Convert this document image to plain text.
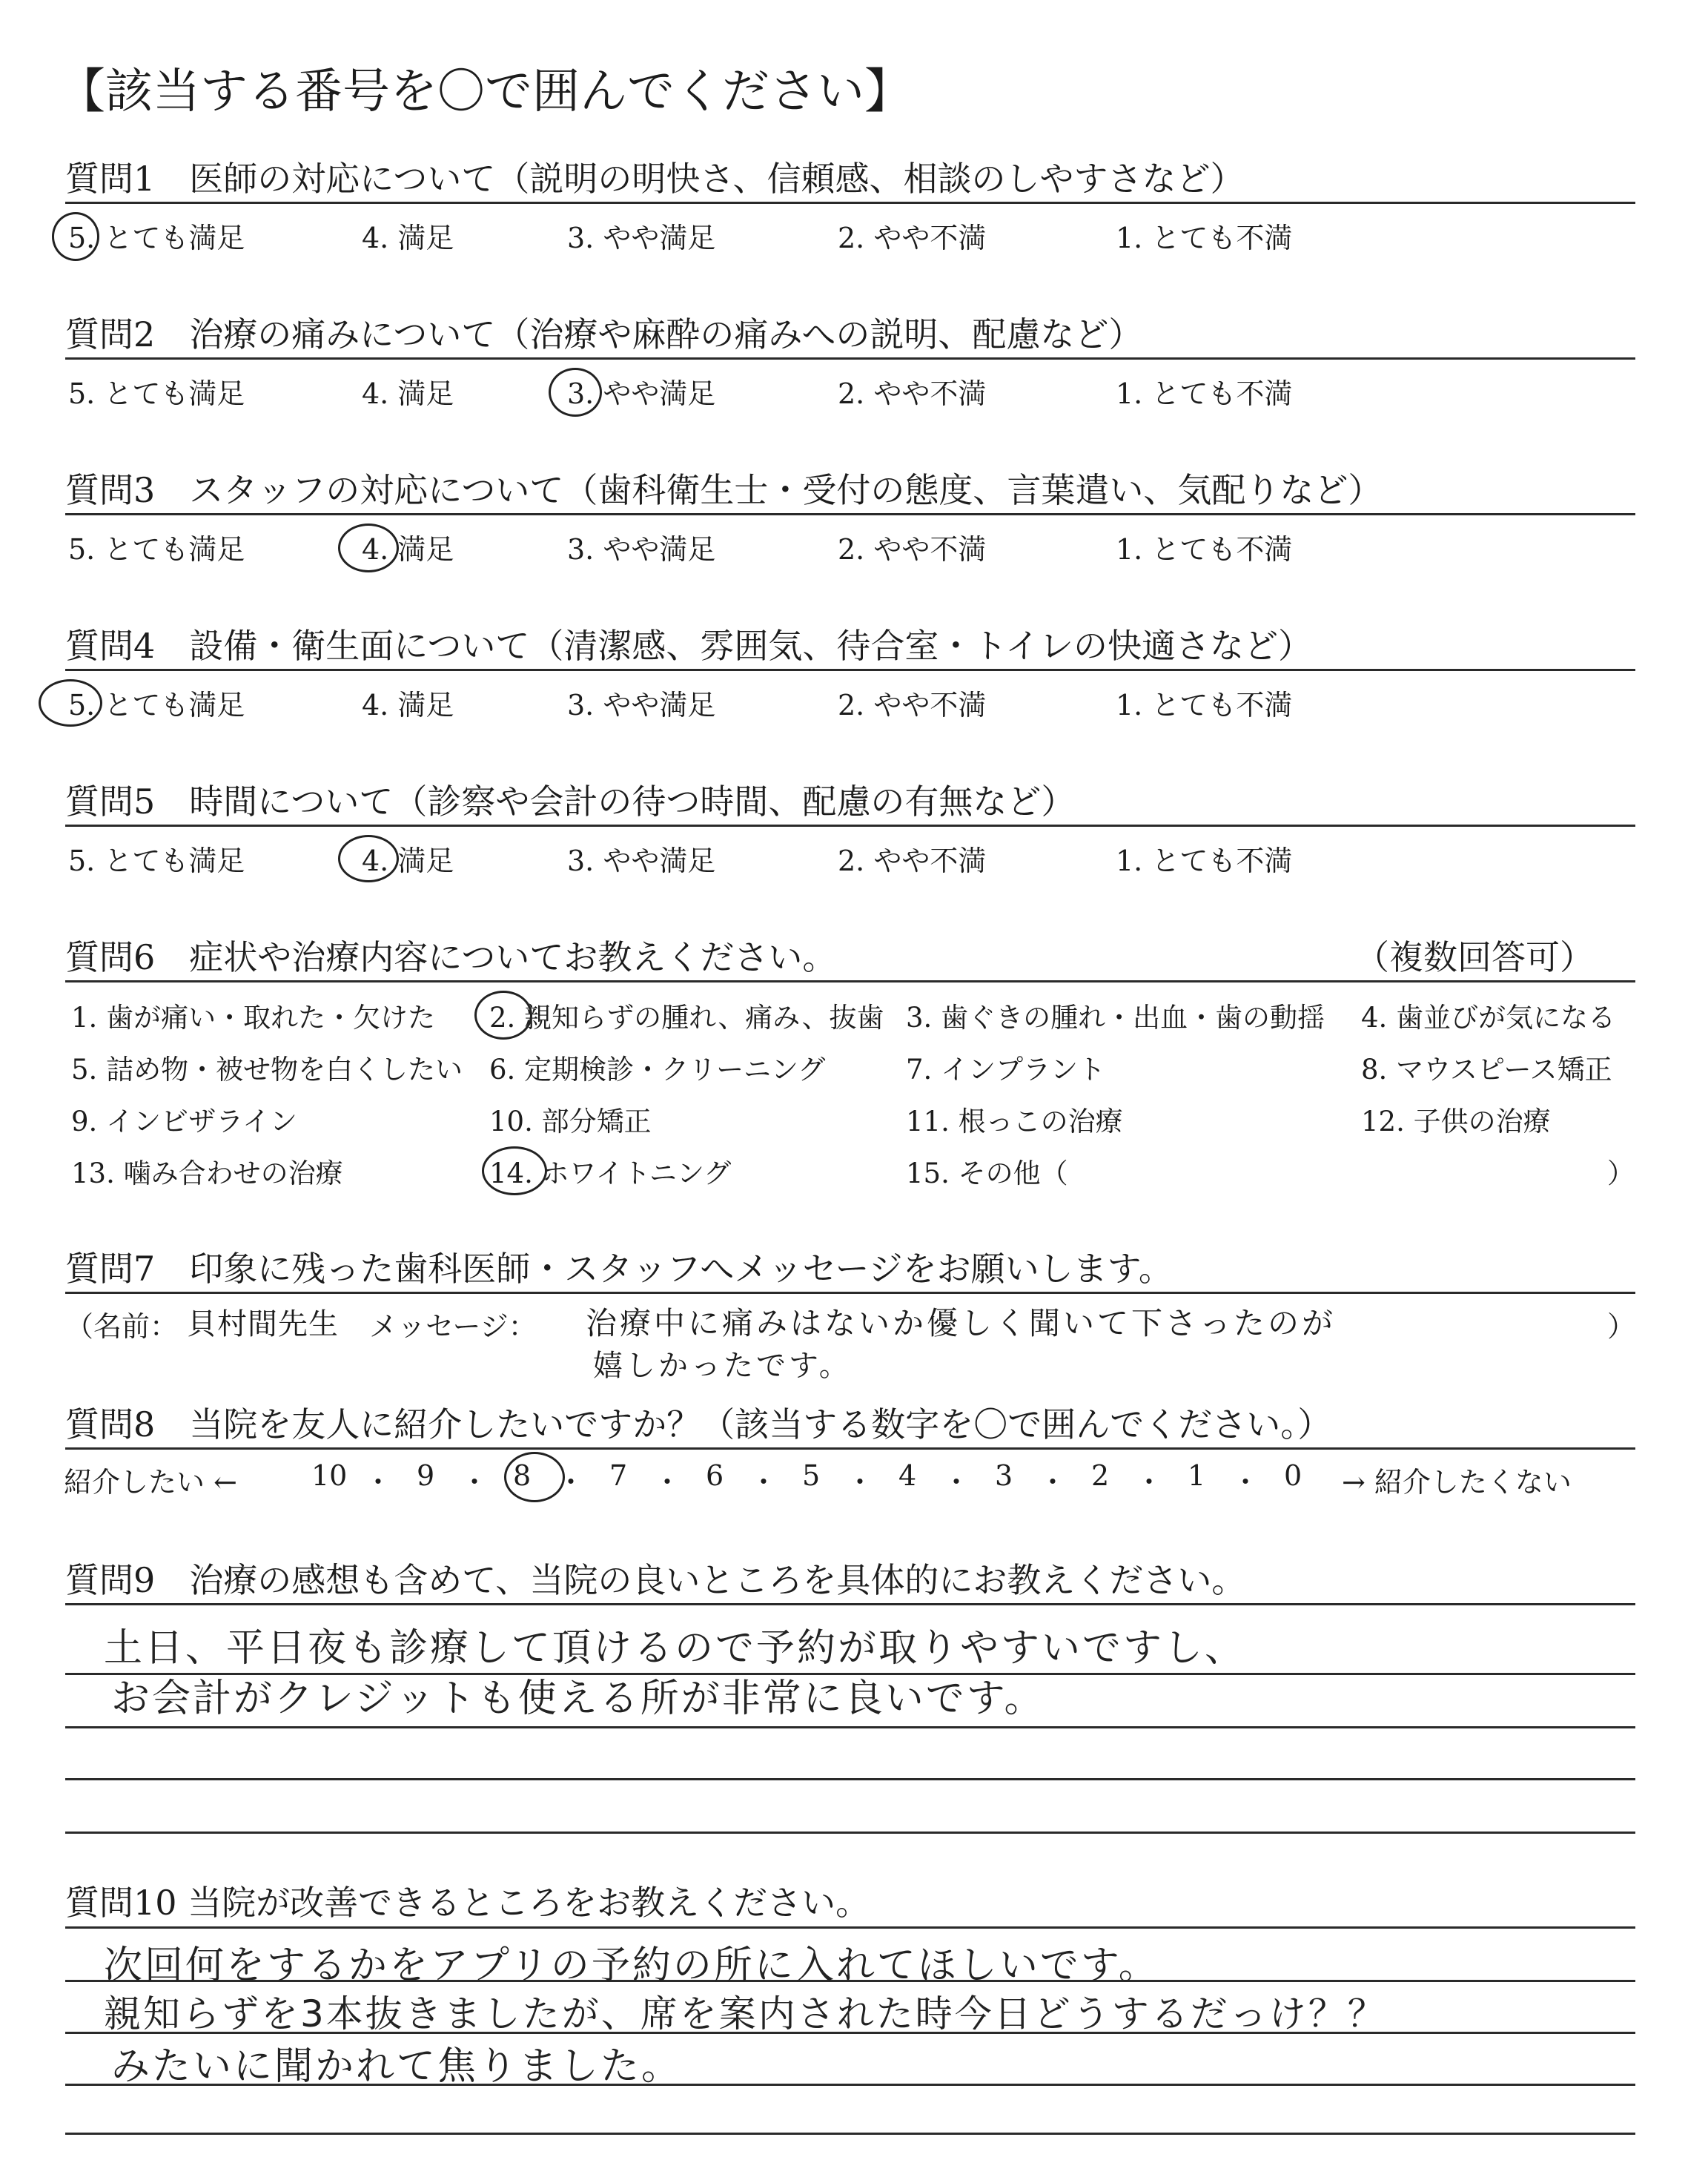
【該当する番号を〇で囲んでください】
質問1　医師の対応について（説明の明快さ、信頼感、相談のしやすさなど）
5. とても満足	4. 満足	3. やや満足	2. やや不満	1. とても不満
質問2　治療の痛みについて（治療や麻酔の痛みへの説明、配慮など）
5. とても満足	4. 満足	3. やや満足	2. やや不満	1. とても不満
質問3　スタッフの対応について（歯科衛生士・受付の態度、言葉遣い、気配りなど）
5. とても満足	4. 満足	3. やや満足	2. やや不満	1. とても不満
質問4　設備・衛生面について（清潔感、雰囲気、待合室・トイレの快適さなど）
5. とても満足	4. 満足	3. やや満足	2. やや不満	1. とても不満
質問5　時間について（診察や会計の待つ時間、配慮の有無など）
5. とても満足	4. 満足	3. やや満足	2. やや不満	1. とても不満
質問6　症状や治療内容についてお教えください。	（複数回答可）
1. 歯が痛い・取れた・欠けた 2. 親知らずの腫れ、痛み、抜歯 3. 歯ぐきの腫れ・出血・歯の動揺 4. 歯並びが気になる
5. 詰め物・被せ物を白くしたい 6. 定期検診・クリーニング	7. インプラント	8. マウスピース矯正
9. インビザライン	10. 部分矯正	11. 根っこの治療	12. 子供の治療
13. 噛み合わせの治療	14. ホワイトニング	15. その他（	）
質問7　印象に残った歯科医師・スタッフへメッセージをお願いします。
（名前： 貝村間先生 メッセージ： 治療中に痛みはないか優しく聞いて下さったのが
嬉しかったです。
）
質問8　当院を友人に紹介したいですか？（該当する数字を〇で囲んでください。）
紹介したい ←	→ 紹介したくない
10 ・ 9 ・ 8 ・ 7 ・ 6 ・ 5 ・ 4 ・ 3 ・ 2 ・ 1 ・ 0
質問9　治療の感想も含めて、当院の良いところを具体的にお教えください。
土日、平日夜も診療して頂けるので予約が取りやすいですし、
お会計がクレジットも使える所が非常に良いです。
質問10 当院が改善できるところをお教えください。
次回何をするかをアプリの予約の所に入れてほしいです。
親知らずを3本抜きましたが、席を案内された時今日どうするだっけ？？
みたいに聞かれて焦りました。
